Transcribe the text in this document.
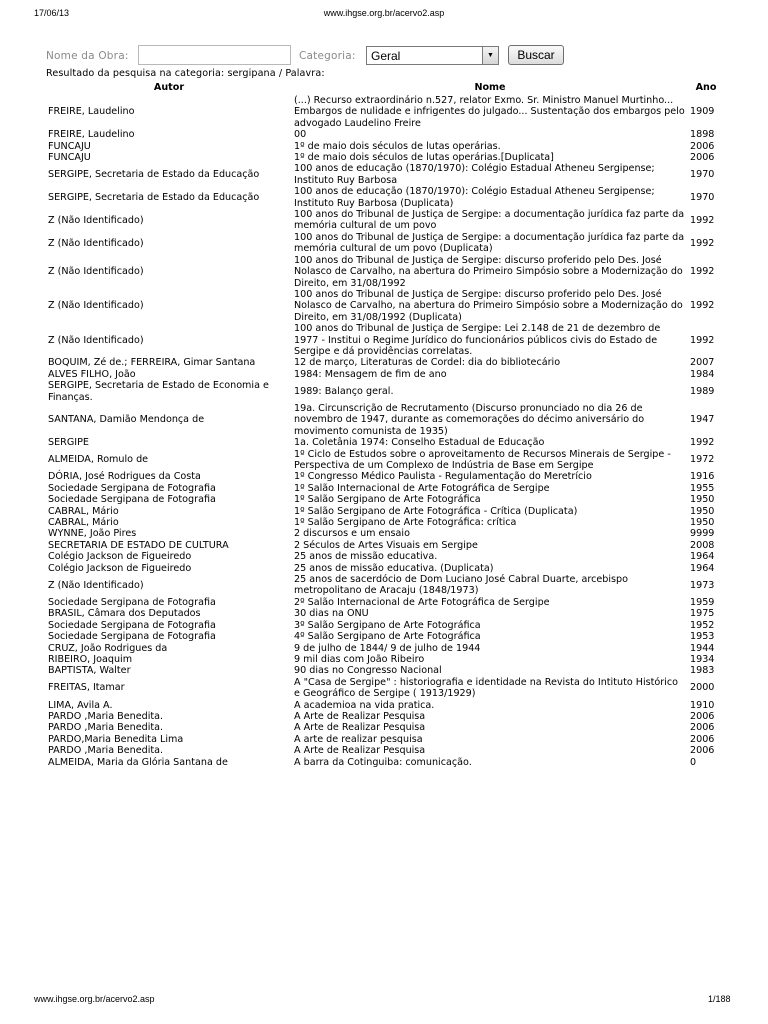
17/06/13	www.ihgse.org.br/acervo2.asp
Nome da Obra:	Categoria: Geral	▼	Buscar
Resultado da pesquisa na categoria: sergipana / Palavra:
Autor	Nome	Ano
FREIRE, Laudelino	(...) Recurso extraordinário n.527, relator Exmo. Sr. Ministro Manuel Murtinho... Embargos de nulidade e infrigentes do julgado... Sustentação dos embargos pelo advogado Laudelino Freire	1909
FREIRE, Laudelino	00	1898
FUNCAJU	1º de maio dois séculos de lutas operárias.	2006
FUNCAJU	1º de maio dois séculos de lutas operárias.[Duplicata]	2006
SERGIPE, Secretaria de Estado da Educação	100 anos de educação (1870/1970): Colégio Estadual Atheneu Sergipense; Instituto Ruy Barbosa	1970
SERGIPE, Secretaria de Estado da Educação	100 anos de educação (1870/1970): Colégio Estadual Atheneu Sergipense; Instituto Ruy Barbosa (Duplicata)	1970
Z (Não Identificado)	100 anos do Tribunal de Justiça de Sergipe: a documentação jurídica faz parte da memória cultural de um povo	1992
Z (Não Identificado)	100 anos do Tribunal de Justiça de Sergipe: a documentação jurídica faz parte da memória cultural de um povo (Duplicata)	1992
Z (Não Identificado)	100 anos do Tribunal de Justiça de Sergipe: discurso proferido pelo Des. José Nolasco de Carvalho, na abertura do Primeiro Simpósio sobre a Modernização do Direito, em 31/08/1992	1992
Z (Não Identificado)	100 anos do Tribunal de Justiça de Sergipe: discurso proferido pelo Des. José Nolasco de Carvalho, na abertura do Primeiro Simpósio sobre a Modernização do Direito, em 31/08/1992 (Duplicata)	1992
Z (Não Identificado)	100 anos do Tribunal de Justiça de Sergipe: Lei 2.148 de 21 de dezembro de 1977 - Institui o Regime Jurídico do funcionários públicos civis do Estado de Sergipe e dá providências correlatas.	1992
BOQUIM, Zé de.; FERREIRA, Gimar Santana	12 de março, Literaturas de Cordel: dia do bibliotecário	2007
ALVES FILHO, João	1984: Mensagem de fim de ano	1984
SERGIPE, Secretaria de Estado de Economia e Finanças.	1989: Balanço geral.	1989
SANTANA, Damião Mendonça de	19a. Circunscrição de Recrutamento (Discurso pronunciado no dia 26 de novembro de 1947, durante as comemorações do décimo aniversário do movimento comunista de 1935)	1947
SERGIPE	1a. Coletânia 1974: Conselho Estadual de Educação	1992
ALMEIDA, Romulo de	1º Ciclo de Estudos sobre o aproveitamento de Recursos Minerais de Sergipe - Perspectiva de um Complexo de Indústria de Base em Sergipe	1972
DÓRIA, José Rodrigues da Costa	1º Congresso Médico Paulista - Regulamentação do Meretrício	1916
Sociedade Sergipana de Fotografia	1º Salão Internacional de Arte Fotográfica de Sergipe	1955
Sociedade Sergipana de Fotografia	1º Salão Sergipano de Arte Fotográfica	1950
CABRAL, Mário	1º Salão Sergipano de Arte Fotográfica - Crítica (Duplicata)	1950
CABRAL, Mário	1º Salão Sergipano de Arte Fotográfica: crítica	1950
WYNNE, João Pires	2 discursos e um ensaio	9999
SECRETARIA DE ESTADO DE CULTURA	2 Séculos de Artes Visuais em Sergipe	2008
Colégio Jackson de Figueiredo	25 anos de missão educativa.	1964
Colégio Jackson de Figueiredo	25 anos de missão educativa. (Duplicata)	1964
Z (Não Identificado)	25 anos de sacerdócio de Dom Luciano José Cabral Duarte, arcebispo metropolitano de Aracaju (1848/1973)	1973
Sociedade Sergipana de Fotografia	2º Salão Internacional de Arte Fotográfica de Sergipe	1959
BRASIL, Câmara dos Deputados	30 dias na ONU	1975
Sociedade Sergipana de Fotografia	3º Salão Sergipano de Arte Fotográfica	1952
Sociedade Sergipana de Fotografia	4º Salão Sergipano de Arte Fotográfica	1953
CRUZ, João Rodrigues da	9 de julho de 1844/ 9 de julho de 1944	1944
RIBEIRO, Joaquim	9 mil dias com João Ribeiro	1934
BAPTISTA, Walter	90 dias no Congresso Nacional	1983
FREITAS, Itamar	A "Casa de Sergipe" : historiografia e identidade na Revista do Intituto Histórico e Geográfico de Sergipe ( 1913/1929)	2000
LIMA, Avila A.	A academioa na vida pratica.	1910
PARDO ,Maria Benedita.	A Arte de Realizar Pesquisa	2006
PARDO ,Maria Benedita.	A Arte de Realizar Pesquisa	2006
PARDO,Maria Benedita Lima	A arte de realizar pesquisa	2006
PARDO ,Maria Benedita.	A Arte de Realizar Pesquisa	2006
ALMEIDA, Maria da Glória Santana de	A barra da Cotinguiba: comunicação.	0
www.ihgse.org.br/acervo2.asp	1/188
